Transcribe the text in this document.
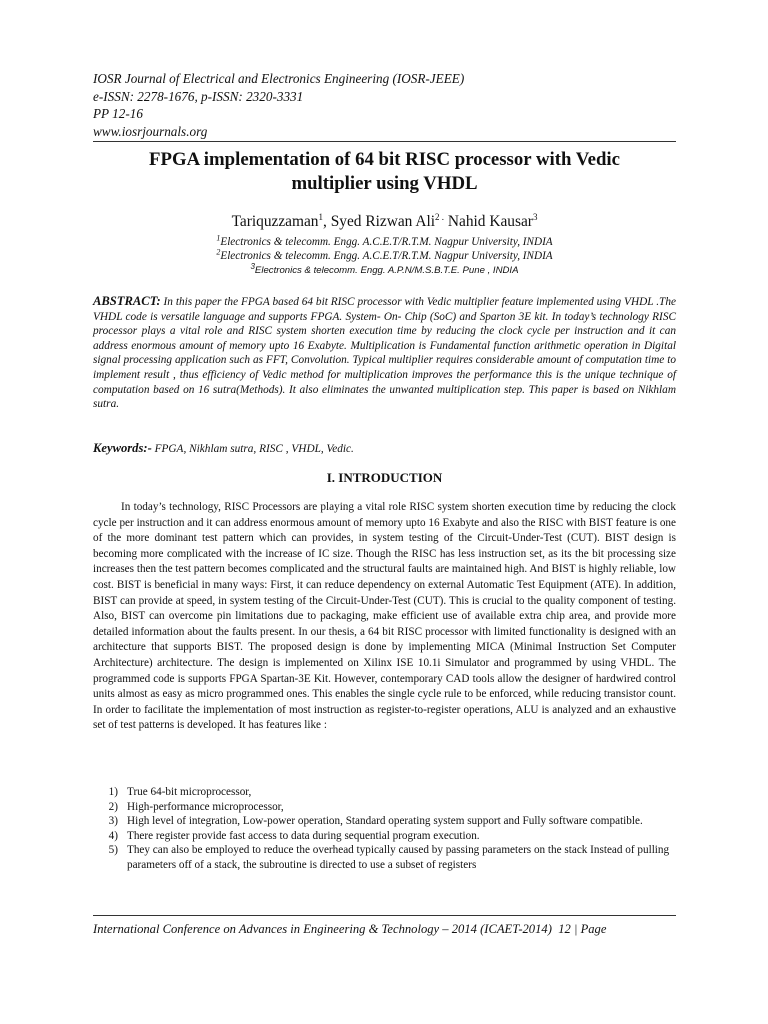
IOSR Journal of Electrical and Electronics Engineering (IOSR-JEEE)
e-ISSN: 2278-1676, p-ISSN: 2320-3331
PP 12-16
www.iosrjournals.org
FPGA implementation of 64 bit RISC processor with Vedic
multiplier using VHDL
Tariquzzaman$^1$, Syed Rizwan Ali$^{2 .}$ Nahid Kausar$^3$
$^1$Electronics & telecomm. Engg. A.C.E.T/R.T.M. Nagpur University, INDIA
$^2$Electronics & telecomm. Engg. A.C.E.T/R.T.M. Nagpur University, INDIA
$^3$Electronics & telecomm. Engg. A.P.N/M.S.B.T.E. Pune , INDIA
ABSTRACT: In this paper the FPGA based 64 bit RISC processor with Vedic multiplier feature implemented using VHDL .The VHDL code is versatile language and supports FPGA. System- On- Chip (SoC) and Sparton 3E kit. In today’s technology RISC processor plays a vital role and RISC system shorten execution time by reducing the clock cycle per instruction and it can address enormous amount of memory upto 16 Exabyte. Multiplication is Fundamental function arithmetic operation in Digital signal processing application such as FFT, Convolution. Typical multiplier requires considerable amount of computation time to implement result , thus efficiency of Vedic method for multiplication improves the performance this is the unique technique of computation based on 16 sutra(Methods). It also eliminates the unwanted multiplication step. This paper is based on Nikhlam sutra.
Keywords:- FPGA, Nikhlam sutra, RISC , VHDL, Vedic.
I. INTRODUCTION

In today’s technology, RISC Processors are playing a vital role RISC system shorten execution time by reducing the clock cycle per instruction and it can address enormous amount of memory upto 16 Exabyte and also the RISC with BIST feature is one of the more dominant test pattern which can provides, in system testing of the Circuit-Under-Test (CUT). BIST design is becoming more complicated with the increase of IC size. Though the RISC has less instruction set, as its the bit processing size increases then the test pattern becomes complicated and the structural faults are maintained high. And BIST is highly reliable, low cost. BIST is beneficial in many ways: First, it can reduce dependency on external Automatic Test Equipment (ATE). In addition, BIST can provide at speed, in system testing of the Circuit-Under-Test (CUT). This is crucial to the quality component of testing. Also, BIST can overcome pin limitations due to packaging, make efficient use of available extra chip area, and provide more detailed information about the faults present. In our thesis, a 64 bit RISC processor with limited functionality is designed with an architecture that supports BIST. The proposed design is done by implementing MICA (Minimal Instruction Set Computer Architecture) architecture. The design is implemented on Xilinx ISE 10.1i Simulator and programmed by using VHDL. The programmed code is supports FPGA Spartan-3E Kit. However, contemporary CAD tools allow the designer of hardwired control units almost as easy as micro programmed ones. This enables the single cycle rule to be enforced, while reducing transistor count. In order to facilitate the implementation of most instruction as register-to-register operations, ALU is analyzed and an exhaustive set of test patterns is developed. It has features like :

1) True 64-bit microprocessor,
2) High-performance microprocessor,
3) High level of integration, Low-power operation, Standard operating system support and Fully software compatible.
4) There register provide fast access to data during sequential program execution.
5) They can also be employed to reduce the overhead typically caused by passing parameters on the stack Instead of pulling parameters off of a stack, the subroutine is directed to use a subset of registers
International Conference on Advances in Engineering & Technology – 2014 (ICAET-2014) 12 | Page
